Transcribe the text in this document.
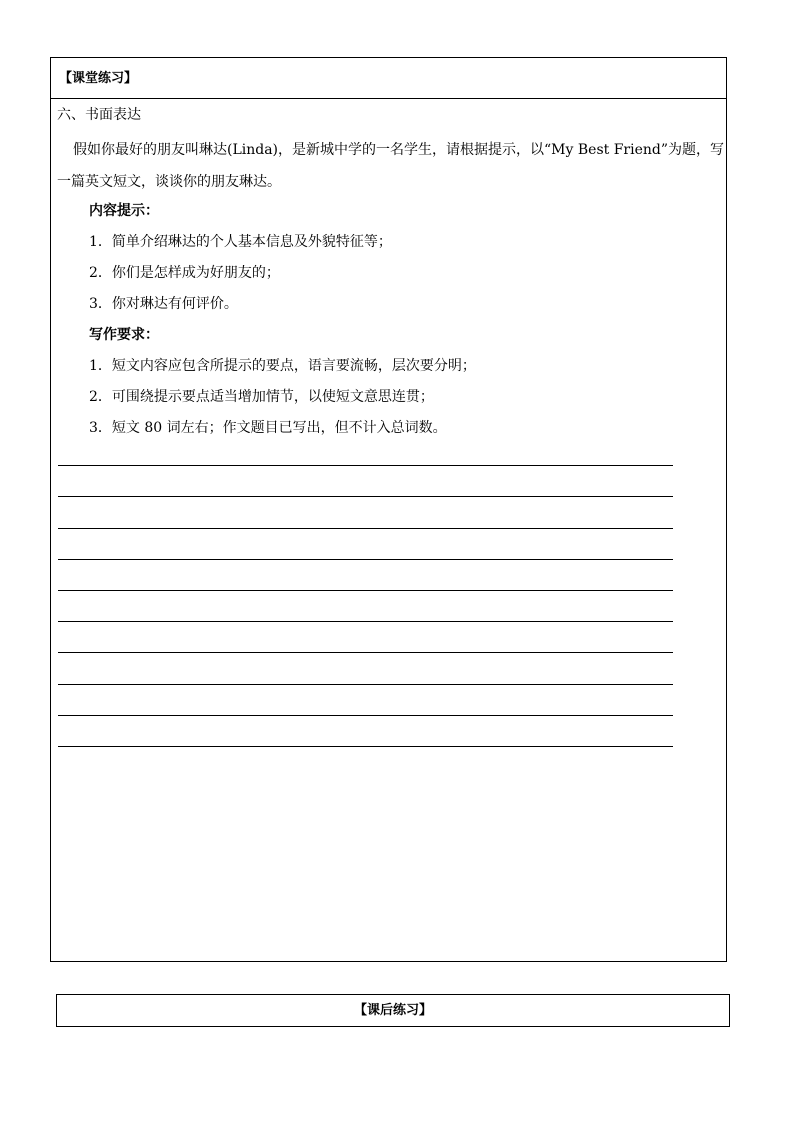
【课堂练习】
六、书面表达
假如你最好的朋友叫琳达(Linda)，是新城中学的一名学生，请根据提示，以“My Best Friend”为题，写一篇英文短文，谈谈你的朋友琳达。
内容提示：
1．简单介绍琳达的个人基本信息及外貌特征等；
2．你们是怎样成为好朋友的；
3．你对琳达有何评价。
写作要求：
1．短文内容应包含所提示的要点，语言要流畅，层次要分明；
2．可围绕提示要点适当增加情节，以使短文意思连贯；
3．短文 80 词左右；作文题目已写出，但不计入总词数。
【课后练习】
